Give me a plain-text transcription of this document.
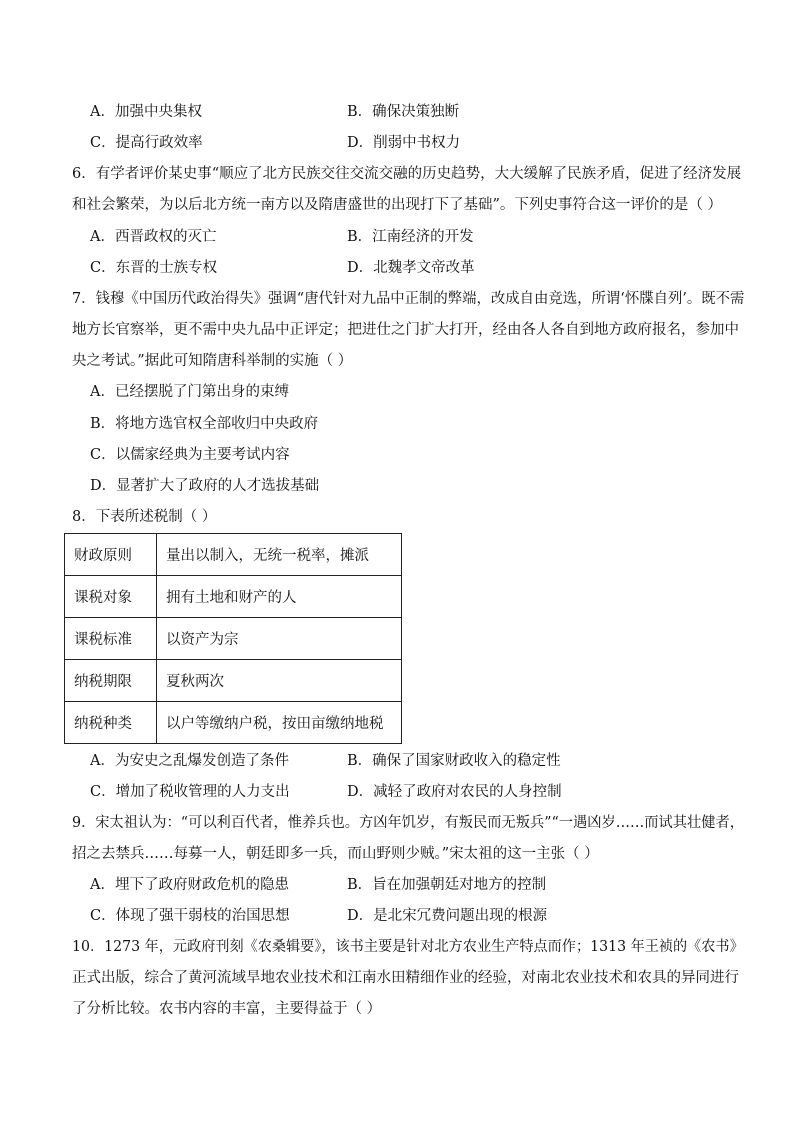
A．加强中央集权	B．确保决策独断
C．提高行政效率	D．削弱中书权力
6．有学者评价某史事“顺应了北方民族交往交流交融的历史趋势，大大缓解了民族矛盾，促进了经济发展
和社会繁荣，为以后北方统一南方以及隋唐盛世的出现打下了基础”。下列史事符合这一评价的是（ ）
A．西晋政权的灭亡	B．江南经济的开发
C．东晋的士族专权	D．北魏孝文帝改革
7．钱穆《中国历代政治得失》强调“唐代针对九品中正制的弊端，改成自由竞选，所谓‘怀牒自列’。既不需
地方长官察举，更不需中央九品中正评定；把进仕之门扩大打开，经由各人各自到地方政府报名，参加中
央之考试。”据此可知隋唐科举制的实施（ ）
A．已经摆脱了门第出身的束缚
B．将地方选官权全部收归中央政府
C．以儒家经典为主要考试内容
D．显著扩大了政府的人才选拔基础
8．下表所述税制（ ）
财政原则	量出以制入，无统一税率，摊派
课税对象	拥有土地和财产的人
课税标准	以资产为宗
纳税期限	夏秋两次
纳税种类	以户等缴纳户税，按田亩缴纳地税
A．为安史之乱爆发创造了条件	B．确保了国家财政收入的稳定性
C．增加了税收管理的人力支出	D．减轻了政府对农民的人身控制
9．宋太祖认为：“可以利百代者，惟养兵也。方凶年饥岁，有叛民而无叛兵”“一遇凶岁……而试其壮健者，
招之去禁兵……每募一人，朝廷即多一兵，而山野则少贼。”宋太祖的这一主张（ ）
A．埋下了政府财政危机的隐患	B．旨在加强朝廷对地方的控制
C．体现了强干弱枝的治国思想	D．是北宋冗费问题出现的根源
10．1273 年，元政府刊刻《农桑辑要》，该书主要是针对北方农业生产特点而作；1313 年王祯的《农书》
正式出版，综合了黄河流域旱地农业技术和江南水田精细作业的经验，对南北农业技术和农具的异同进行
了分析比较。农书内容的丰富，主要得益于（ ）
